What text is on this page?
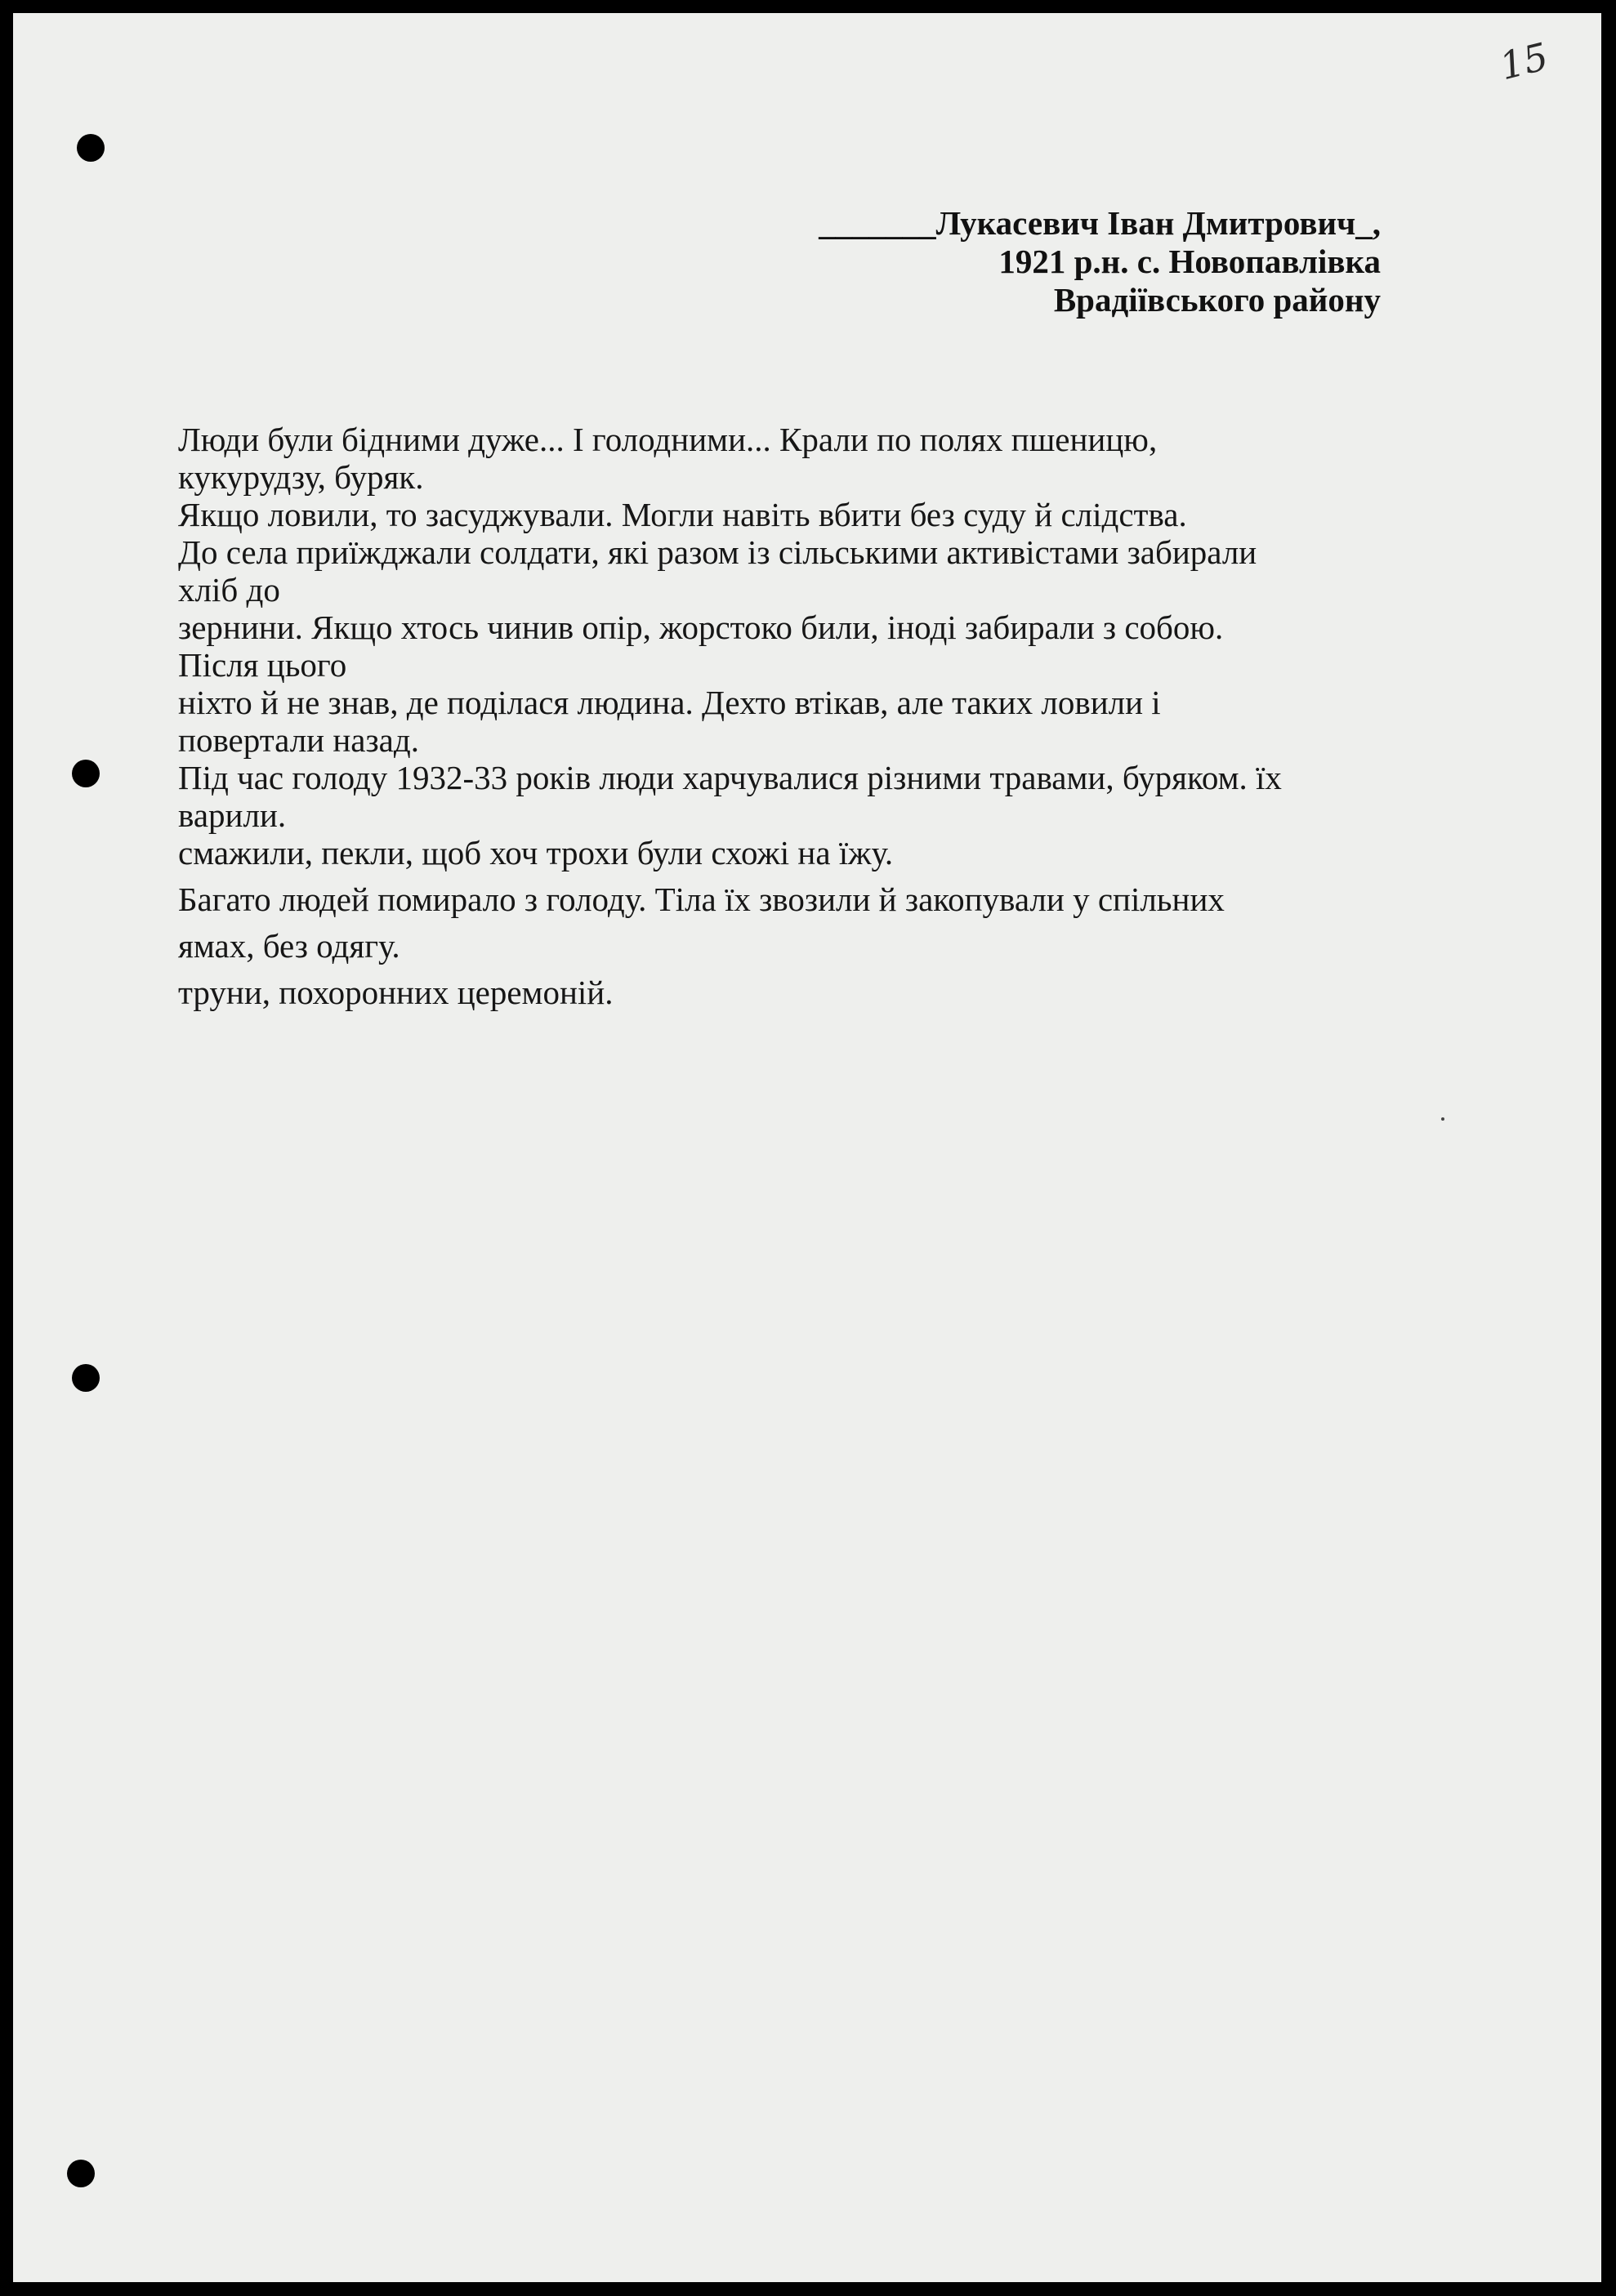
15
_______Лукасевич Іван Дмитрович_,
1921 р.н. с. Новопавлівка
Врадіївського району
Люди були бідними дуже... І голодними... Крали по полях пшеницю,
кукурудзу, буряк.
Якщо ловили, то засуджували. Могли навіть вбити без суду й слідства.
До села приїжджали солдати, які разом із сільськими активістами забирали
хліб до
зернини. Якщо хтось чинив опір, жорстоко били, іноді забирали з собою.
Після цього
ніхто й не знав, де поділася людина. Дехто втікав, але таких ловили і
повертали назад.
Під час голоду 1932-33 років люди харчувалися різними травами, буряком. їх
варили.
смажили, пекли, щоб хоч трохи були схожі на їжу.
Багато людей помирало з голоду. Тіла їх звозили й закопували у спільних
ямах, без одягу.
труни, похоронних церемоній.
